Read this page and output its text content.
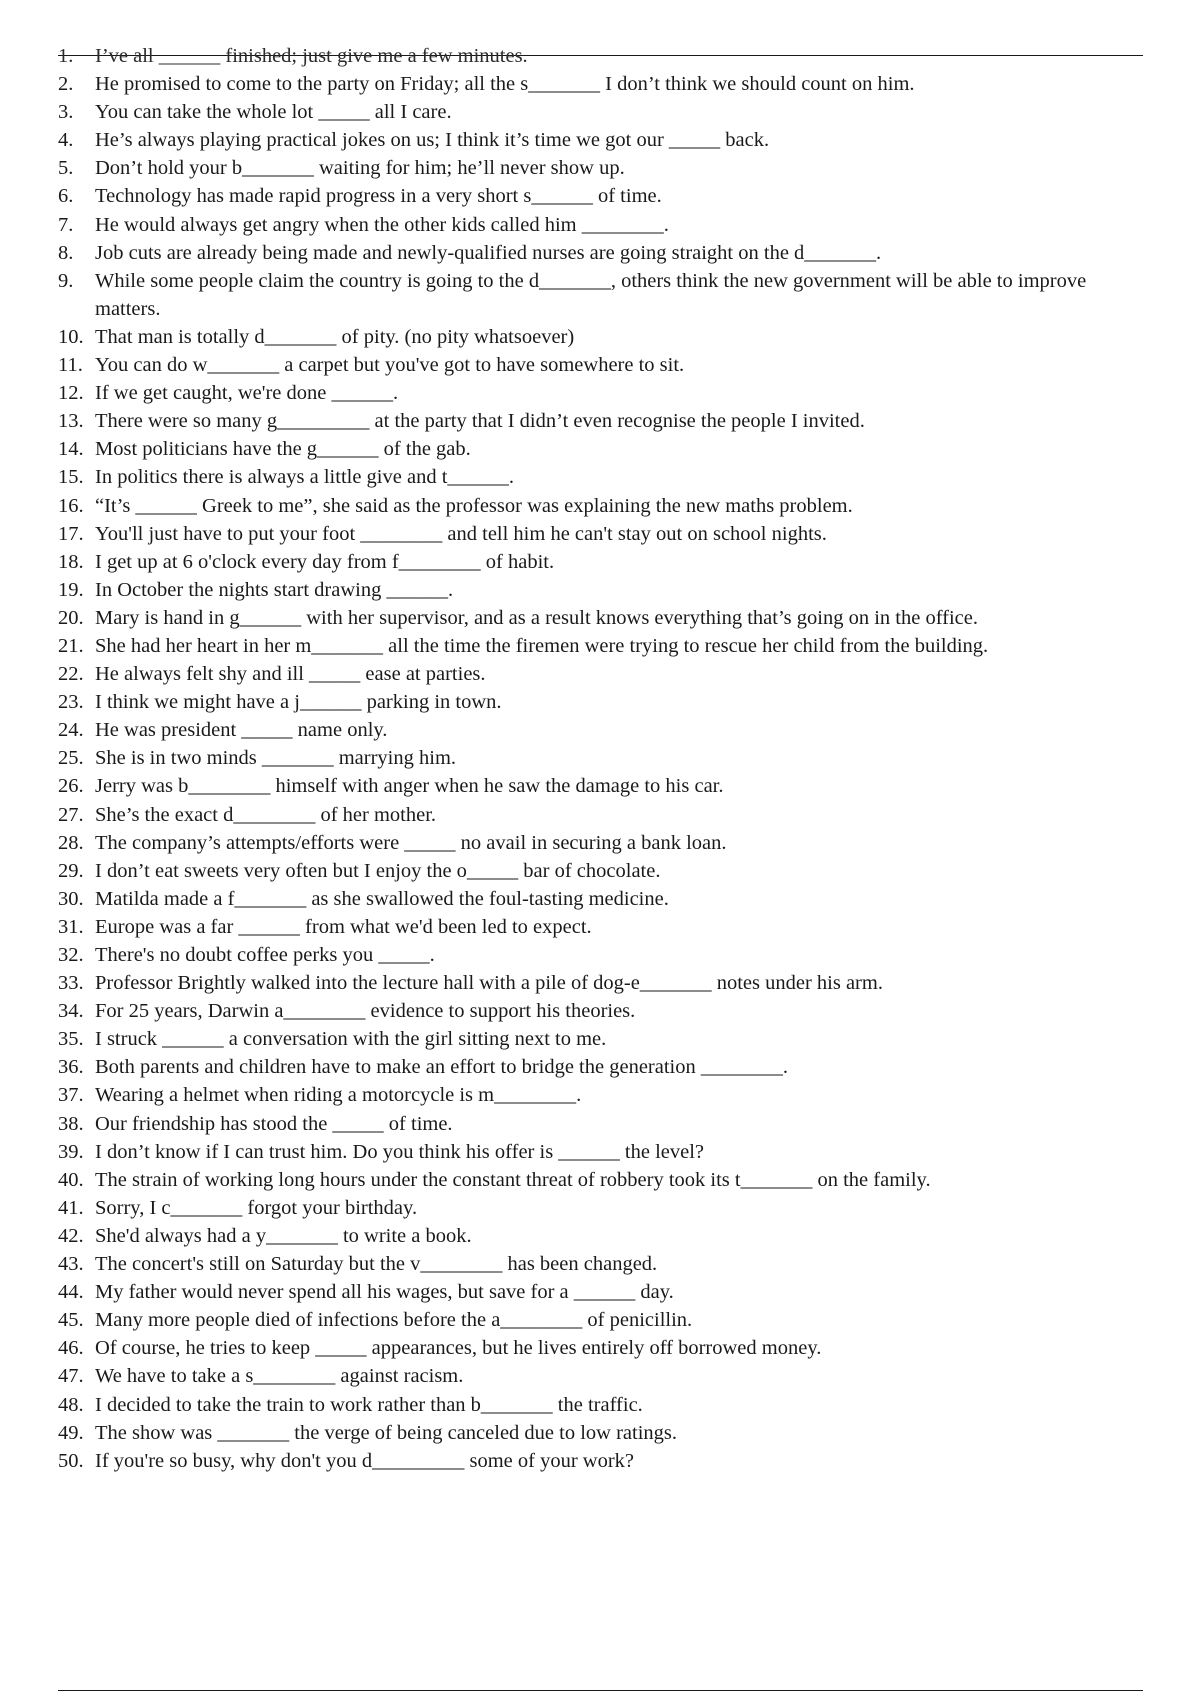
1.	I’ve all ______ finished; just give me a few minutes.
2.	He promised to come to the party on Friday; all the s_______ I don’t think we should count on him.
3.	You can take the whole lot _____ all I care.
4.	He’s always playing practical jokes on us; I think it’s time we got our _____ back.
5.	Don’t hold your b_______ waiting for him; he’ll never show up.
6.	Technology has made rapid progress in a very short s______ of time.
7.	He would always get angry when the other kids called him ________.
8.	Job cuts are already being made and newly-qualified nurses are going straight on the d_______.
9.	While some people claim the country is going to the d_______, others think the new government will be able to improve matters.
10. That man is totally d_______ of pity. (no pity whatsoever)
11. You can do w_______ a carpet but you've got to have somewhere to sit.
12. If we get caught, we're done ______.
13. There were so many g_________ at the party that I didn’t even recognise the people I invited.
14. Most politicians have the g______ of the gab.
15. In politics there is always a little give and t______.
16. “It’s ______ Greek to me”, she said as the professor was explaining the new maths problem.
17. You'll just have to put your foot ________ and tell him he can't stay out on school nights.
18. I get up at 6 o'clock every day from f________ of habit.
19. In October the nights start drawing ______.
20. Mary is hand in g______ with her supervisor, and as a result knows everything that’s going on in the office.
21. She had her heart in her m_______ all the time the firemen were trying to rescue her child from the building.
22. He always felt shy and ill _____ ease at parties.
23. I think we might have a j______ parking in town.
24. He was president _____ name only.
25. She is in two minds _______ marrying him.
26. Jerry was b________ himself with anger when he saw the damage to his car.
27. She’s the exact d________ of her mother.
28. The company’s attempts/efforts were _____ no avail in securing a bank loan.
29. I don’t eat sweets very often but I enjoy the o_____ bar of chocolate.
30. Matilda made a f_______ as she swallowed the foul-tasting medicine.
31. Europe was a far ______ from what we'd been led to expect.
32. There's no doubt coffee perks you _____.
33. Professor Brightly walked into the lecture hall with a pile of dog-e_______ notes under his arm.
34. For 25 years, Darwin a________ evidence to support his theories.
35. I struck ______ a conversation with the girl sitting next to me.
36. Both parents and children have to make an effort to bridge the generation ________.
37. Wearing a helmet when riding a motorcycle is m________.
38. Our friendship has stood the _____ of time.
39. I don’t know if I can trust him. Do you think his offer is ______ the level?
40. The strain of working long hours under the constant threat of robbery took its t_______ on the family.
41. Sorry, I c_______ forgot your birthday.
42. She'd always had a y_______ to write a book.
43. The concert's still on Saturday but the v________ has been changed.
44. My father would never spend all his wages, but save for a ______ day.
45. Many more people died of infections before the a________ of penicillin.
46. Of course, he tries to keep _____ appearances, but he lives entirely off borrowed money.
47. We have to take a s________ against racism.
48. I decided to take the train to work rather than b_______ the traffic.
49. The show was _______ the verge of being canceled due to low ratings.
50. If you're so busy, why don't you d_________ some of your work?
